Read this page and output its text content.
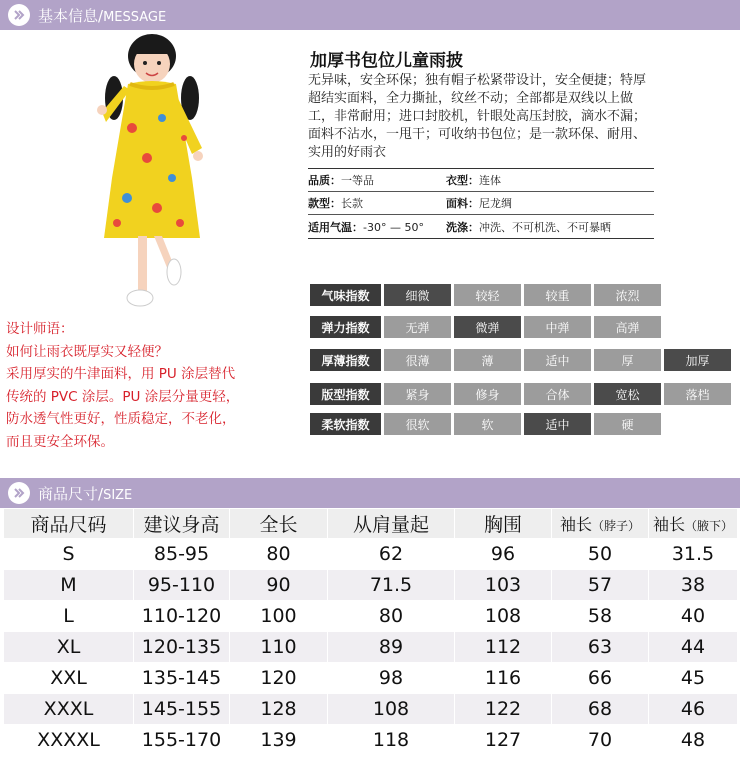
基本信息/MESSAGE
加厚书包位儿童雨披
无异味，安全环保；独有帽子松紧带设计，安全便捷；特厚超结实面料，全力撕扯，纹丝不动；全部都是双线以上做工，非常耐用；进口封胶机，针眼处高压封胶，滴水不漏；面料不沾水，一甩干；可收纳书包位；是一款环保、耐用、实用的好雨衣
品质：一等品	衣型：连体
款型：长款	面料：尼龙绸
适用气温：-30° — 50°	洗涤：冲洗、不可机洗、不可暴晒
设计师语：
如何让雨衣既厚实又轻便？
采用厚实的牛津面料，用 PU 涂层替代
传统的 PVC 涂层。PU 涂层分量更轻，
防水透气性更好，性质稳定，不老化，
而且更安全环保。
气味指数	细微	较轻	较重	浓烈
弹力指数	无弹	微弹	中弹	高弹
厚薄指数	很薄	薄	适中	厚	加厚
版型指数	紧身	修身	合体	宽松	落档
柔软指数	很软	软	适中	硬
商品尺寸/SIZE
商品尺码	建议身高	全长	从肩量起	胸围	袖长（脖子）	袖长（腋下）
S	85-95	80	62	96	50	31.5
M	95-110	90	71.5	103	57	38
L	110-120	100	80	108	58	40
XL	120-135	110	89	112	63	44
XXL	135-145	120	98	116	66	45
XXXL	145-155	128	108	122	68	46
XXXXL	155-170	139	118	127	70	48
